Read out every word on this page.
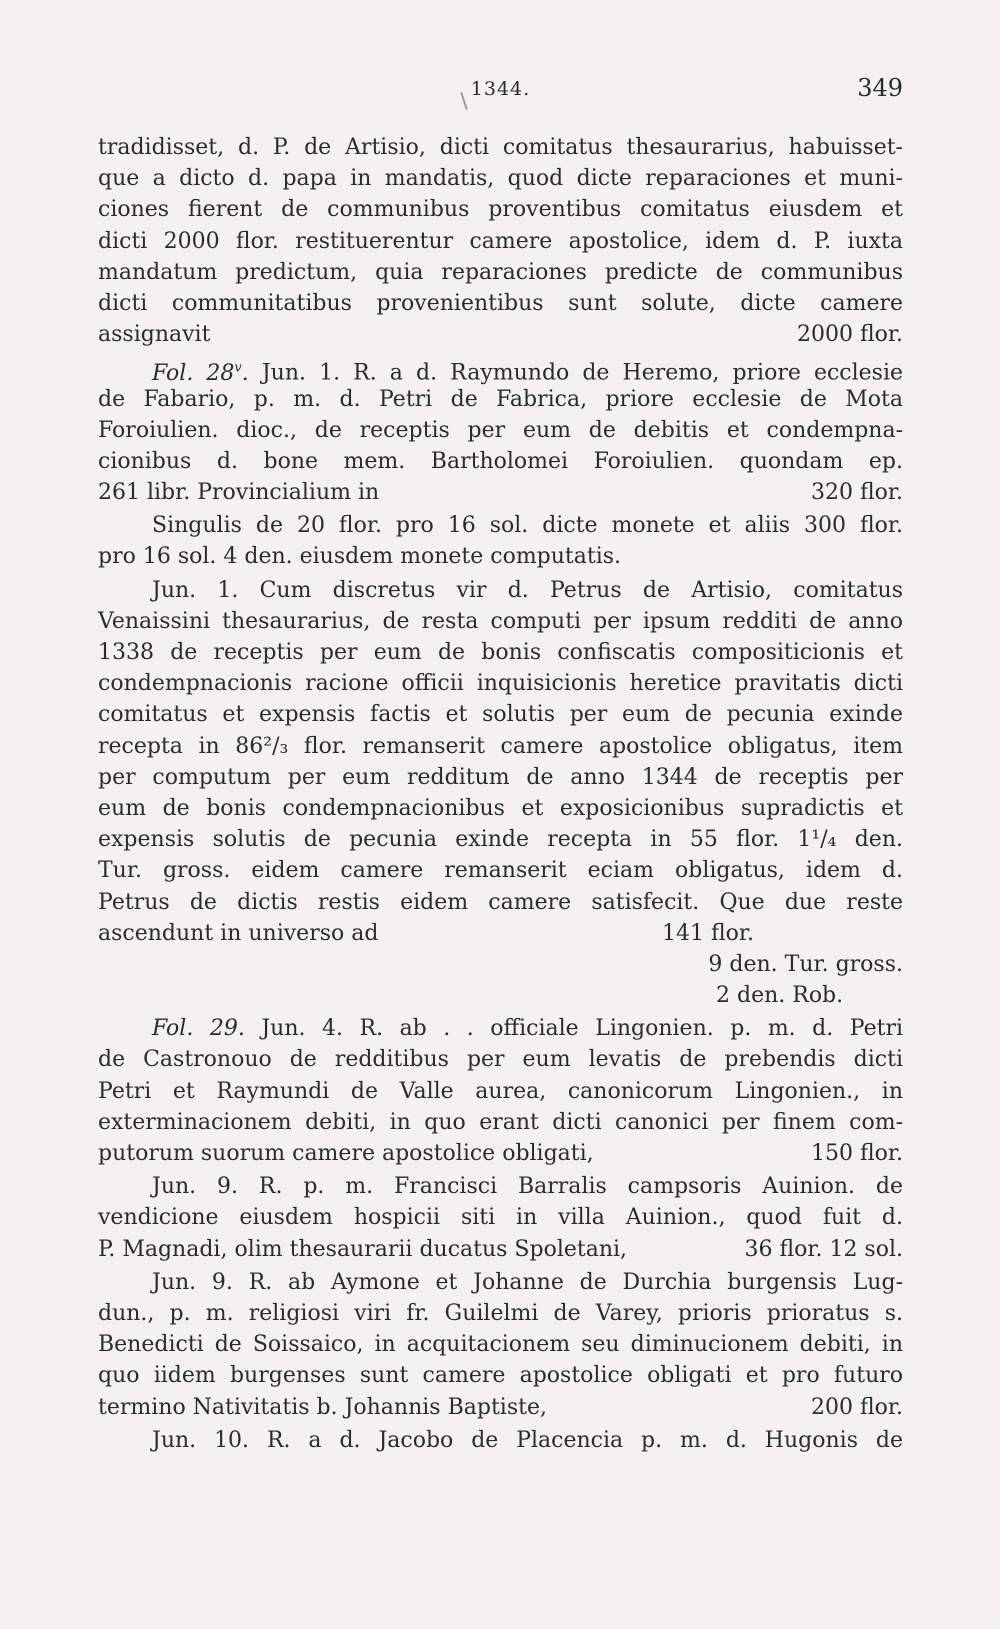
1344.	349
tradidisset, d. P. de Artisio, dicti comitatus thesaurarius, habuisset-
que a dicto d. papa in mandatis, quod dicte reparaciones et muni-
ciones fierent de communibus proventibus comitatus eiusdem et
dicti 2000 flor. restituerentur camere apostolice, idem d. P. iuxta
mandatum predictum, quia reparaciones predicte de communibus
dicti communitatibus provenientibus sunt solute, dicte camere
assignavit	2000 flor.
Fol. 28$^v$. Jun. 1. R. a d. Raymundo de Heremo, priore ecclesie
de Fabario, p. m. d. Petri de Fabrica, priore ecclesie de Mota
Foroiulien. dioc., de receptis per eum de debitis et condempna-
cionibus d. bone mem. Bartholomei Foroiulien. quondam ep.
261 libr. Provincialium in	320 flor.
Singulis de 20 flor. pro 16 sol. dicte monete et aliis 300 flor.
pro 16 sol. 4 den. eiusdem monete computatis.
Jun. 1. Cum discretus vir d. Petrus de Artisio, comitatus
Venaissini thesaurarius, de resta computi per ipsum redditi de anno
1338 de receptis per eum de bonis confiscatis compositicionis et
condempnacionis racione officii inquisicionis heretice pravitatis dicti
comitatus et expensis factis et solutis per eum de pecunia exinde
recepta in 86²/₃ flor. remanserit camere apostolice obligatus, item
per computum per eum redditum de anno 1344 de receptis per
eum de bonis condempnacionibus et exposicionibus supradictis et
expensis solutis de pecunia exinde recepta in 55 flor. 1¹/₄ den.
Tur. gross. eidem camere remanserit eciam obligatus, idem d.
Petrus de dictis restis eidem camere satisfecit. Que due reste
ascendunt in universo ad	141 flor.
9 den. Tur. gross.
2 den. Rob.
Fol. 29. Jun. 4. R. ab . . officiale Lingonien. p. m. d. Petri
de Castronouo de redditibus per eum levatis de prebendis dicti
Petri et Raymundi de Valle aurea, canonicorum Lingonien., in
exterminacionem debiti, in quo erant dicti canonici per finem com-
putorum suorum camere apostolice obligati,	150 flor.
Jun. 9. R. p. m. Francisci Barralis campsoris Auinion. de
vendicione eiusdem hospicii siti in villa Auinion., quod fuit d.
P. Magnadi, olim thesaurarii ducatus Spoletani,	36 flor. 12 sol.
Jun. 9. R. ab Aymone et Johanne de Durchia burgensis Lug-
dun., p. m. religiosi viri fr. Guilelmi de Varey, prioris prioratus s.
Benedicti de Soissaico, in acquitacionem seu diminucionem debiti, in
quo iidem burgenses sunt camere apostolice obligati et pro futuro
termino Nativitatis b. Johannis Baptiste,	200 flor.
Jun. 10. R. a d. Jacobo de Placencia p. m. d. Hugonis de
